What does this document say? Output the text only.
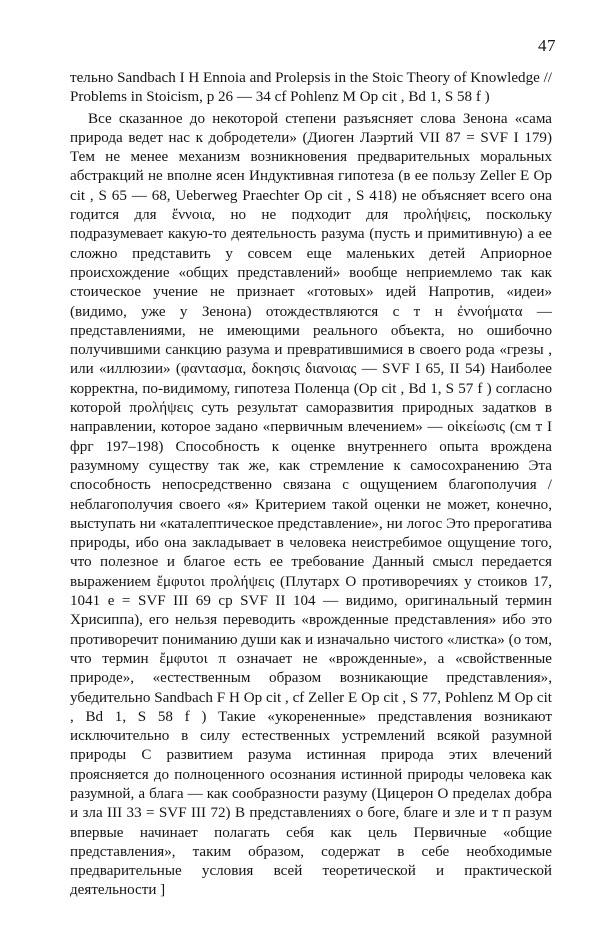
47

тельно Sandbach I H Ennoia and Prolepsis in the Stoic Theory of Knowledge // Problems in Stoicism, p 26 — 34 cf Pohlenz M Op cit , Bd 1, S 58 f )

Все сказанное до некоторой степени разъясняет слова Зенона «сама природа ведет нас к добродетели» (Диоген Лаэртий VII 87 = SVF I 179) Тем не менее механизм возникновения предварительных моральных абстракций не вполне ясен Индуктивная гипотеза (в ее пользу Zeller E Op cit , S 65 — 68, Ueberweg Praechter Op cit , S 418) не объясняет всего она годится для ἔννοια, но не подходит для προλήψεις, поскольку подразумевает какую-то деятельность разума (пусть и примитивную) а ее сложно представить у совсем еще маленьких детей Априорное происхождение «общих представлений» вообще неприемлемо так как стоическое учение не признает «готовых» идей Напротив, «идеи» (видимо, уже у Зенона) отождествляются с т н ἐννοήματα — представлениями, не имеющими реального объекта, но ошибочно получившими санкцию разума и превратившимися в своего рода «грезы , или «иллюзии» (φαντασμα, δοκησις διανοιας — SVF I 65, II 54) Наиболее корректна, по-видимому, гипотеза Поленца (Op cit , Bd 1, S 57 f ) согласно которой προλήψεις суть результат саморазвития природных задатков в направлении, которое задано «первичным влечением» — οἰκείωσις (см т I фрг 197–198) Способность к оценке внутреннего опыта врождена разумному существу так же, как стремление к самосохранению Эта способность непосредственно связана с ощущением благополучия / неблагополучия своего «я» Критерием такой оценки не может, конечно, выступать ни «каталептическое представление», ни логос Это прерогатива природы, ибо она закладывает в человека неистребимое ощущение того, что полезное и благое есть ее требование Данный смысл передается выражением ἔμφυτοι προλήψεις (Плутарх О противоречиях у стоиков 17, 1041 e = SVF III 69 cp SVF II 104 — видимо, оригинальный термин Хрисиппа), его нельзя переводить «врожденные представления» ибо это противоречит пониманию души как и изначально чистого «листка» (о том, что термин ἔμφυτοι π означает не «врожденные», а «свойственные природе», «естественным образом возникающие представления», убедительно Sandbach F H Op cit , cf Zeller E Op cit , S 77, Pohlenz M Op cit , Bd 1, S 58 f ) Такие «укорененные» представления возникают исключительно в силу естественных устремлений всякой разумной природы С развитием разума истинная природа этих влечений проясняется до полноценного осознания истинной природы человека как разумной, а блага — как сообразности разуму (Цицерон О пределах добра и зла III 33 = SVF III 72) В представлениях о боге, благе и зле и т п разум впервые начинает полагать себя как цель Первичные «общие представления», таким образом, содержат в себе необходимые предварительные условия всей теоретической и практической деятельности ]
